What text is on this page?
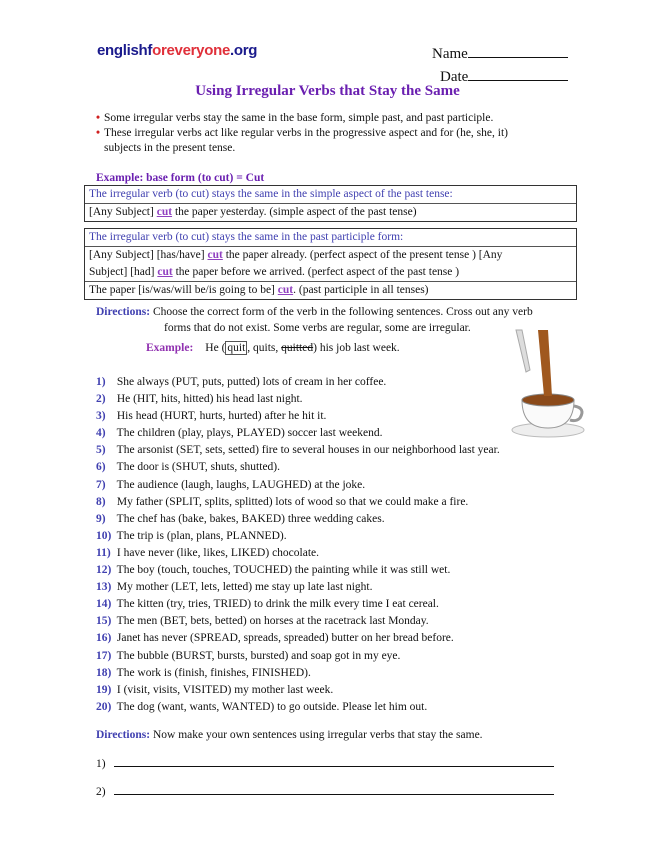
englishforeveryone.org	Name
Date
Using Irregular Verbs that Stay the Same
• Some irregular verbs stay the same in the base form, simple past, and past participle.
• These irregular verbs act like regular verbs in the progressive aspect and for (he, she, it)
subjects in the present tense.
Example: base form (to cut) = Cut
The irregular verb (to cut) stays the same in the simple aspect of the past tense:
[Any Subject] cut the paper yesterday. (simple aspect of the past tense)
The irregular verb (to cut) stays the same in the past participle form:
[Any Subject] [has/have] cut the paper already. (perfect aspect of the present tense ) [Any
Subject] [had] cut the paper before we arrived. (perfect aspect of the past tense )
The paper [is/was/will be/is going to be] cut. (past participle in all tenses)
Directions: Choose the correct form of the verb in the following sentences. Cross out any verb
forms that do not exist. Some verbs are regular, some are irregular.
Example: He ( quit , quits, quitted) his job last week.
1) She always (PUT, puts, putted) lots of cream in her coffee.
2) He (HIT, hits, hitted) his head last night.
3) His head (HURT, hurts, hurted) after he hit it.
4) The children (play, plays, PLAYED) soccer last weekend.
5) The arsonist (SET, sets, setted) fire to several houses in our neighborhood last year.
6) The door is (SHUT, shuts, shutted).
7) The audience (laugh, laughs, LAUGHED) at the joke.
8) My father (SPLIT, splits, splitted) lots of wood so that we could make a fire.
9) The chef has (bake, bakes, BAKED) three wedding cakes.
10) The trip is (plan, plans, PLANNED).
11) I have never (like, likes, LIKED) chocolate.
12) The boy (touch, touches, TOUCHED) the painting while it was still wet.
13) My mother (LET, lets, letted) me stay up late last night.
14) The kitten (try, tries, TRIED) to drink the milk every time I eat cereal.
15) The men (BET, bets, betted) on horses at the racetrack last Monday.
16) Janet has never (SPREAD, spreads, spreaded) butter on her bread before.
17) The bubble (BURST, bursts, bursted) and soap got in my eye.
18) The work is (finish, finishes, FINISHED).
19) I (visit, visits, VISITED) my mother last week.
20) The dog (want, wants, WANTED) to go outside. Please let him out.
Directions: Now make your own sentences using irregular verbs that stay the same.
1)
2)
